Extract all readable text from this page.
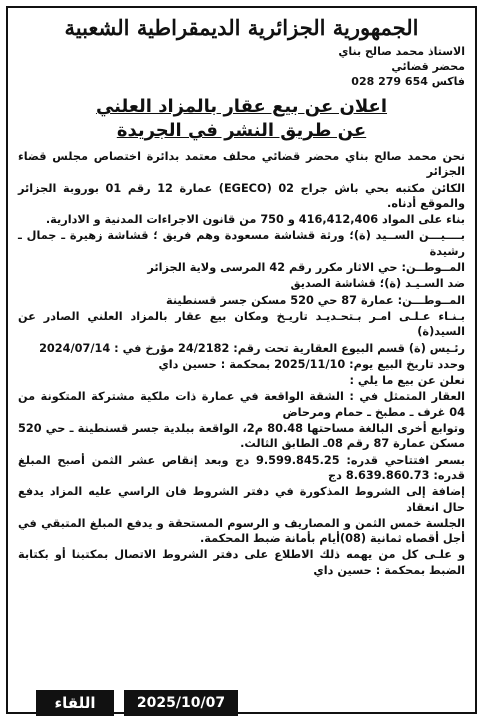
الجمهورية الجزائرية الديمقراطية الشعبية
الاستاذ محمد صالح بناي
محضر قضائي
فاكس 654 279 028
اعلان عن بيع عقار بالمزاد العلني
عن طريق النشر في الجريدة
نحن محمد صالح بناي محضر قضائي محلف معتمد بدائرة اختصاص مجلس قضاء الجزائر
الكائن مكتبه بحي باش جراح 02 (EGECO) عمارة 12 رقم 01 بوروبة الجزائر والموقع أدناه.
بناء على المواد 416,412,406 و 750 من قانون الاجراءات المدنية و الادارية.
بــــيـــن الســيد (ة)؛ ورثة قشاشة مسعودة وهم فريق ؛ قشاشة زهيرة ـ جمال ـ رشيدة
المــوطــن: حي الاثار مكرر رقم 42 المرسى ولاية الجزائر
ضد السـيـد (ة)؛ قشاشة الصديق
المــوطـــن: عمارة 87 حي 520 مسكن جسر قسنطينة
بـنـاء عـلـى امـر بـتحـديـد تاريـخ ومكان بيع عقار بالمزاد العلني الصادر عن السيد(ة)
رئـيس (ة) قسم البيوع العقارية تحت رقم: 24/2182 مؤرخ في : 2024/07/14
وحدد تاريخ البيع يوم: 2025/11/10 بمحكمة : حسين داي
نعلن عن بيع ما يلي :
العقار المتمثل في : الشقة الواقعة في عمارة ذات ملكية مشتركة المتكونة من 04 غرف ـ مطبخ ـ حمام ومرحاض
وتوابع أخرى البالغة مساحتها 80.48 م2، الواقعة ببلدية جسر قسنطينة ـ حي 520 مسكن عمارة 87 رقم 08ـ الطابق الثالث.
بسعر افتتاحي قدره: 9.599.845.25 دج وبعد إنقاص عشر الثمن أصبح المبلغ قدره: 8.639.860.73 دج
إضافة إلى الشروط المذكورة في دفتر الشروط فان الراسي عليه المزاد يدفع حال انعقاد
الجلسة خمس الثمن و المصاريف و الرسوم المستحقة و يدفع المبلغ المتبقي في أجل أقصاه ثمانية (08)أيام بأمانة ضبط المحكمة.
و علـى كل من يهمه ذلك الاطلاع على دفتر الشروط الاتصال بمكتبنا أو بكتابة الضبط بمحكمة : حسين داي
2025/10/07
اللقاء
